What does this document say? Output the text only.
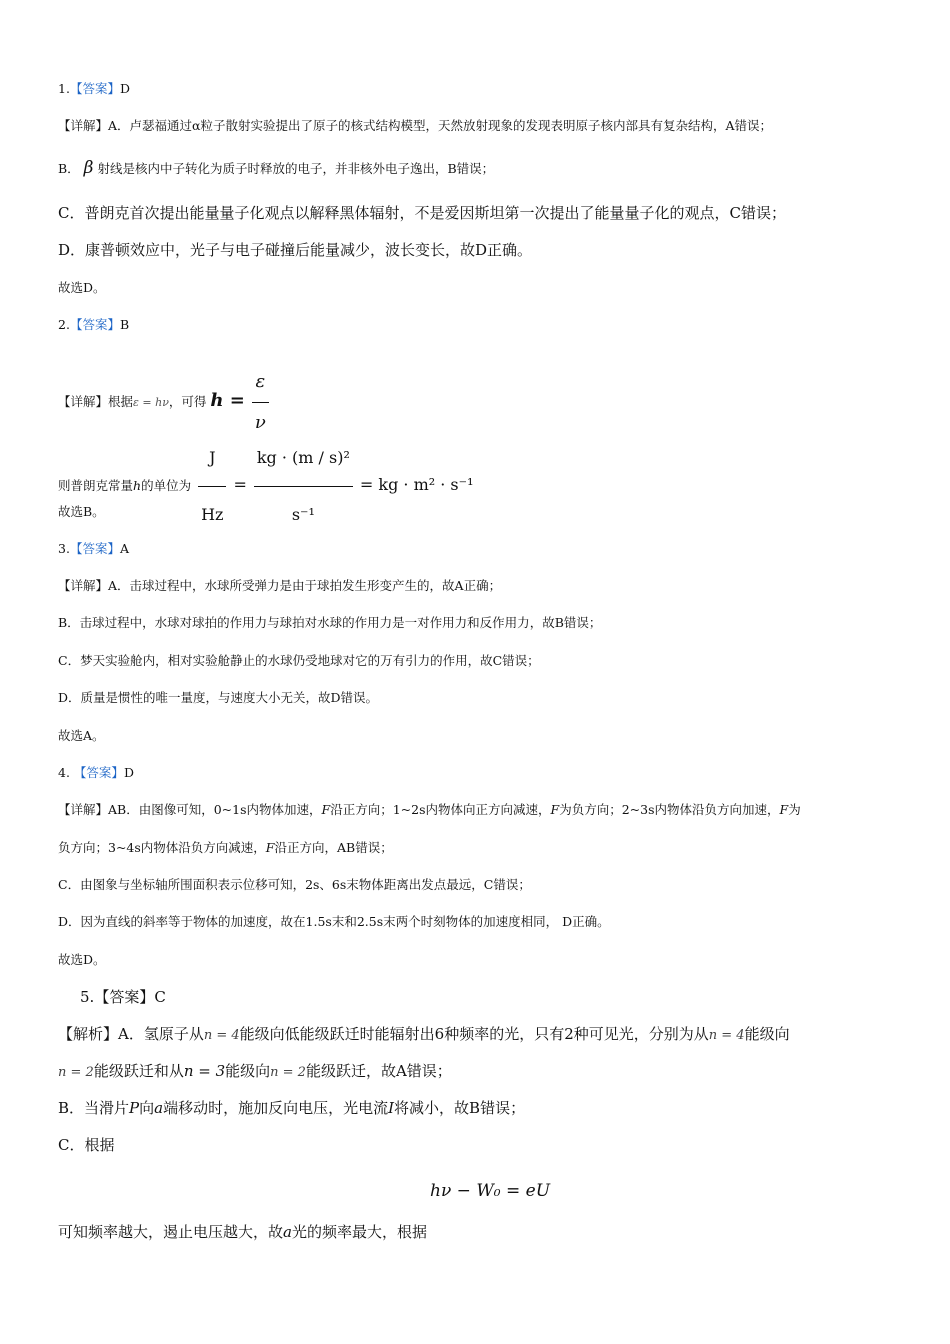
1.【答案】D
【详解】A．卢瑟福通过α粒子散射实验提出了原子的核式结构模型，天然放射现象的发现表明原子核内部具有复杂结构，A错误；
B． β 射线是核内中子转化为质子时释放的电子，并非核外电子逸出，B错误；
C．普朗克首次提出能量量子化观点以解释黑体辐射，不是爱因斯坦第一次提出了能量量子化的观点，C错误；
D．康普顿效应中，光子与电子碰撞后能量减少，波长变长，故D正确。
故选D。
2.【答案】B
【详解】根据ε = hν，可得 $h = \frac{\varepsilon}{\nu}$
则普朗克常量h的单位为 $\frac{J}{Hz} = \frac{\text{kg · (m / s)²}}{\text{s⁻¹}}$ = kg · m² · s⁻¹
故选B。
3.【答案】A
【详解】A．击球过程中，水球所受弹力是由于球拍发生形变产生的，故A正确；
B．击球过程中，水球对球拍的作用力与球拍对水球的作用力是一对作用力和反作用力，故B错误；
C．梦天实验舱内，相对实验舱静止的水球仍受地球对它的万有引力的作用，故C错误；
D．质量是惯性的唯一量度，与速度大小无关，故D错误。
故选A。
4. 【答案】D
【详解】AB．由图像可知，0~1s内物体加速，F沿正方向；1~2s内物体向正方向减速，F为负方向；2~3s内物体沿负方向加速，F为
负方向；3~4s内物体沿负方向减速，F沿正方向，AB错误；
C．由图象与坐标轴所围面积表示位移可知，2s、6s末物体距离出发点最远，C错误；
D．因为直线的斜率等于物体的加速度，故在1.5s末和2.5s末两个时刻物体的加速度相同， D正确。
故选D。
5.【答案】C
【解析】A．氢原子从n = 4能级向低能级跃迁时能辐射出6种频率的光，只有2种可见光，分别为从n = 4能级向
n = 2能级跃迁和从n = 3能级向n = 2能级跃迁，故A错误；
B．当滑片P向a端移动时，施加反向电压，光电流I将减小，故B错误；
C．根据
hν − W₀ = eU
可知频率越大，遏止电压越大，故a光的频率最大，根据
